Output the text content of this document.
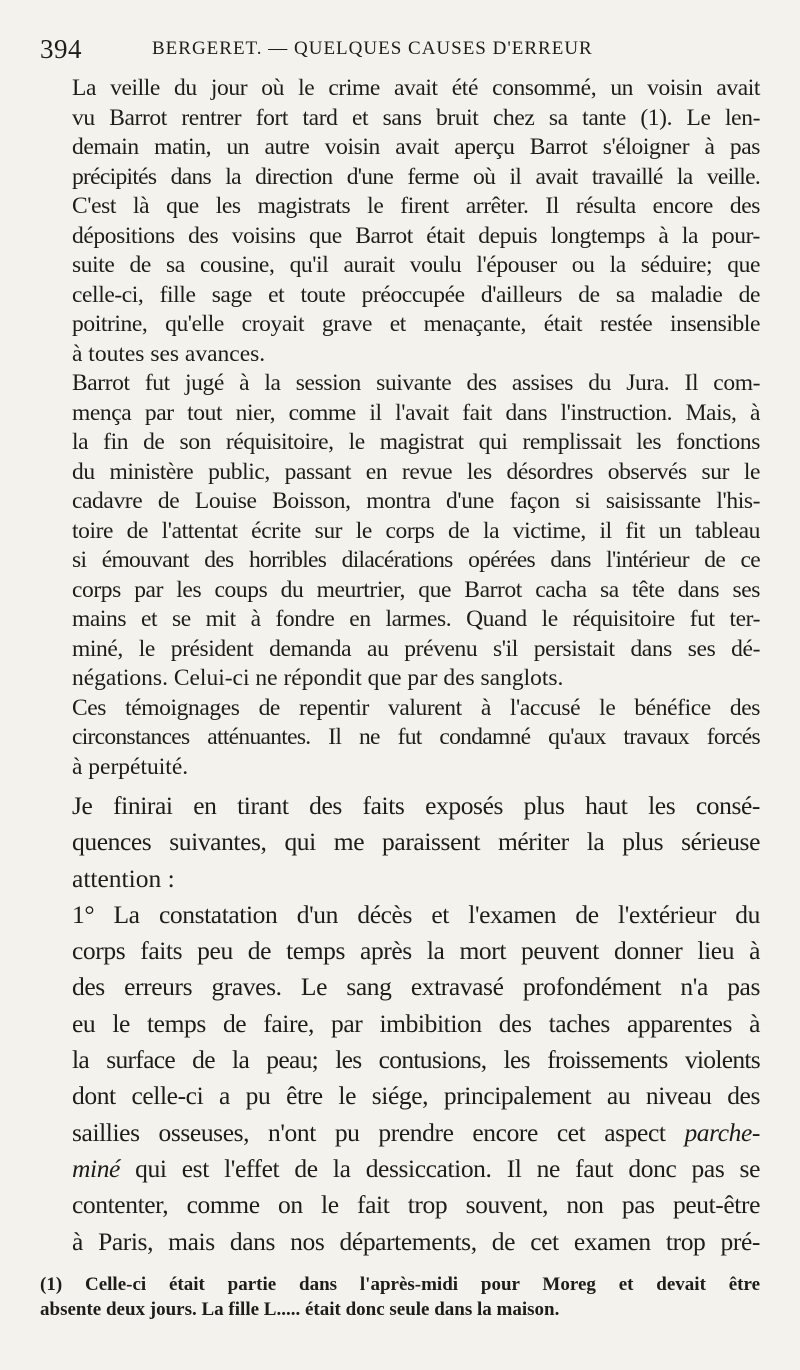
394	BERGERET. — QUELQUES CAUSES D'ERREUR

La veille du jour où le crime avait été consommé, un voisin avait
vu Barrot rentrer fort tard et sans bruit chez sa tante (1). Le len-
demain matin, un autre voisin avait aperçu Barrot s'éloigner à pas
précipités dans la direction d'une ferme où il avait travaillé la veille.

C'est là que les magistrats le firent arrêter. Il résulta encore des
dépositions des voisins que Barrot était depuis longtemps à la pour-
suite de sa cousine, qu'il aurait voulu l'épouser ou la séduire; que
celle-ci, fille sage et toute préoccupée d'ailleurs de sa maladie de
poitrine, qu'elle croyait grave et menaçante, était restée insensible
à toutes ses avances.

Barrot fut jugé à la session suivante des assises du Jura. Il com-
mença par tout nier, comme il l'avait fait dans l'instruction. Mais, à
la fin de son réquisitoire, le magistrat qui remplissait les fonctions
du ministère public, passant en revue les désordres observés sur le
cadavre de Louise Boisson, montra d'une façon si saisissante l'his-
toire de l'attentat écrite sur le corps de la victime, il fit un tableau
si émouvant des horribles dilacérations opérées dans l'intérieur de ce
corps par les coups du meurtrier, que Barrot cacha sa tête dans ses
mains et se mit à fondre en larmes. Quand le réquisitoire fut ter-
miné, le président demanda au prévenu s'il persistait dans ses dé-
négations. Celui-ci ne répondit que par des sanglots.

Ces témoignages de repentir valurent à l'accusé le bénéfice des
circonstances atténuantes. Il ne fut condamné qu'aux travaux forcés
à perpétuité.

Je finirai en tirant des faits exposés plus haut les consé-
quences suivantes, qui me paraissent mériter la plus sérieuse
attention :

1° La constatation d'un décès et l'examen de l'extérieur du
corps faits peu de temps après la mort peuvent donner lieu à
des erreurs graves. Le sang extravasé profondément n'a pas
eu le temps de faire, par imbibition des taches apparentes à
la surface de la peau; les contusions, les froissements violents
dont celle-ci a pu être le siége, principalement au niveau des
saillies osseuses, n'ont pu prendre encore cet aspect parche-
miné qui est l'effet de la dessiccation. Il ne faut donc pas se
contenter, comme on le fait trop souvent, non pas peut-être
à Paris, mais dans nos départements, de cet examen trop pré-

(1) Celle-ci était partie dans l'après-midi pour Moreg et devait être
absente deux jours. La fille L..... était donc seule dans la maison.
